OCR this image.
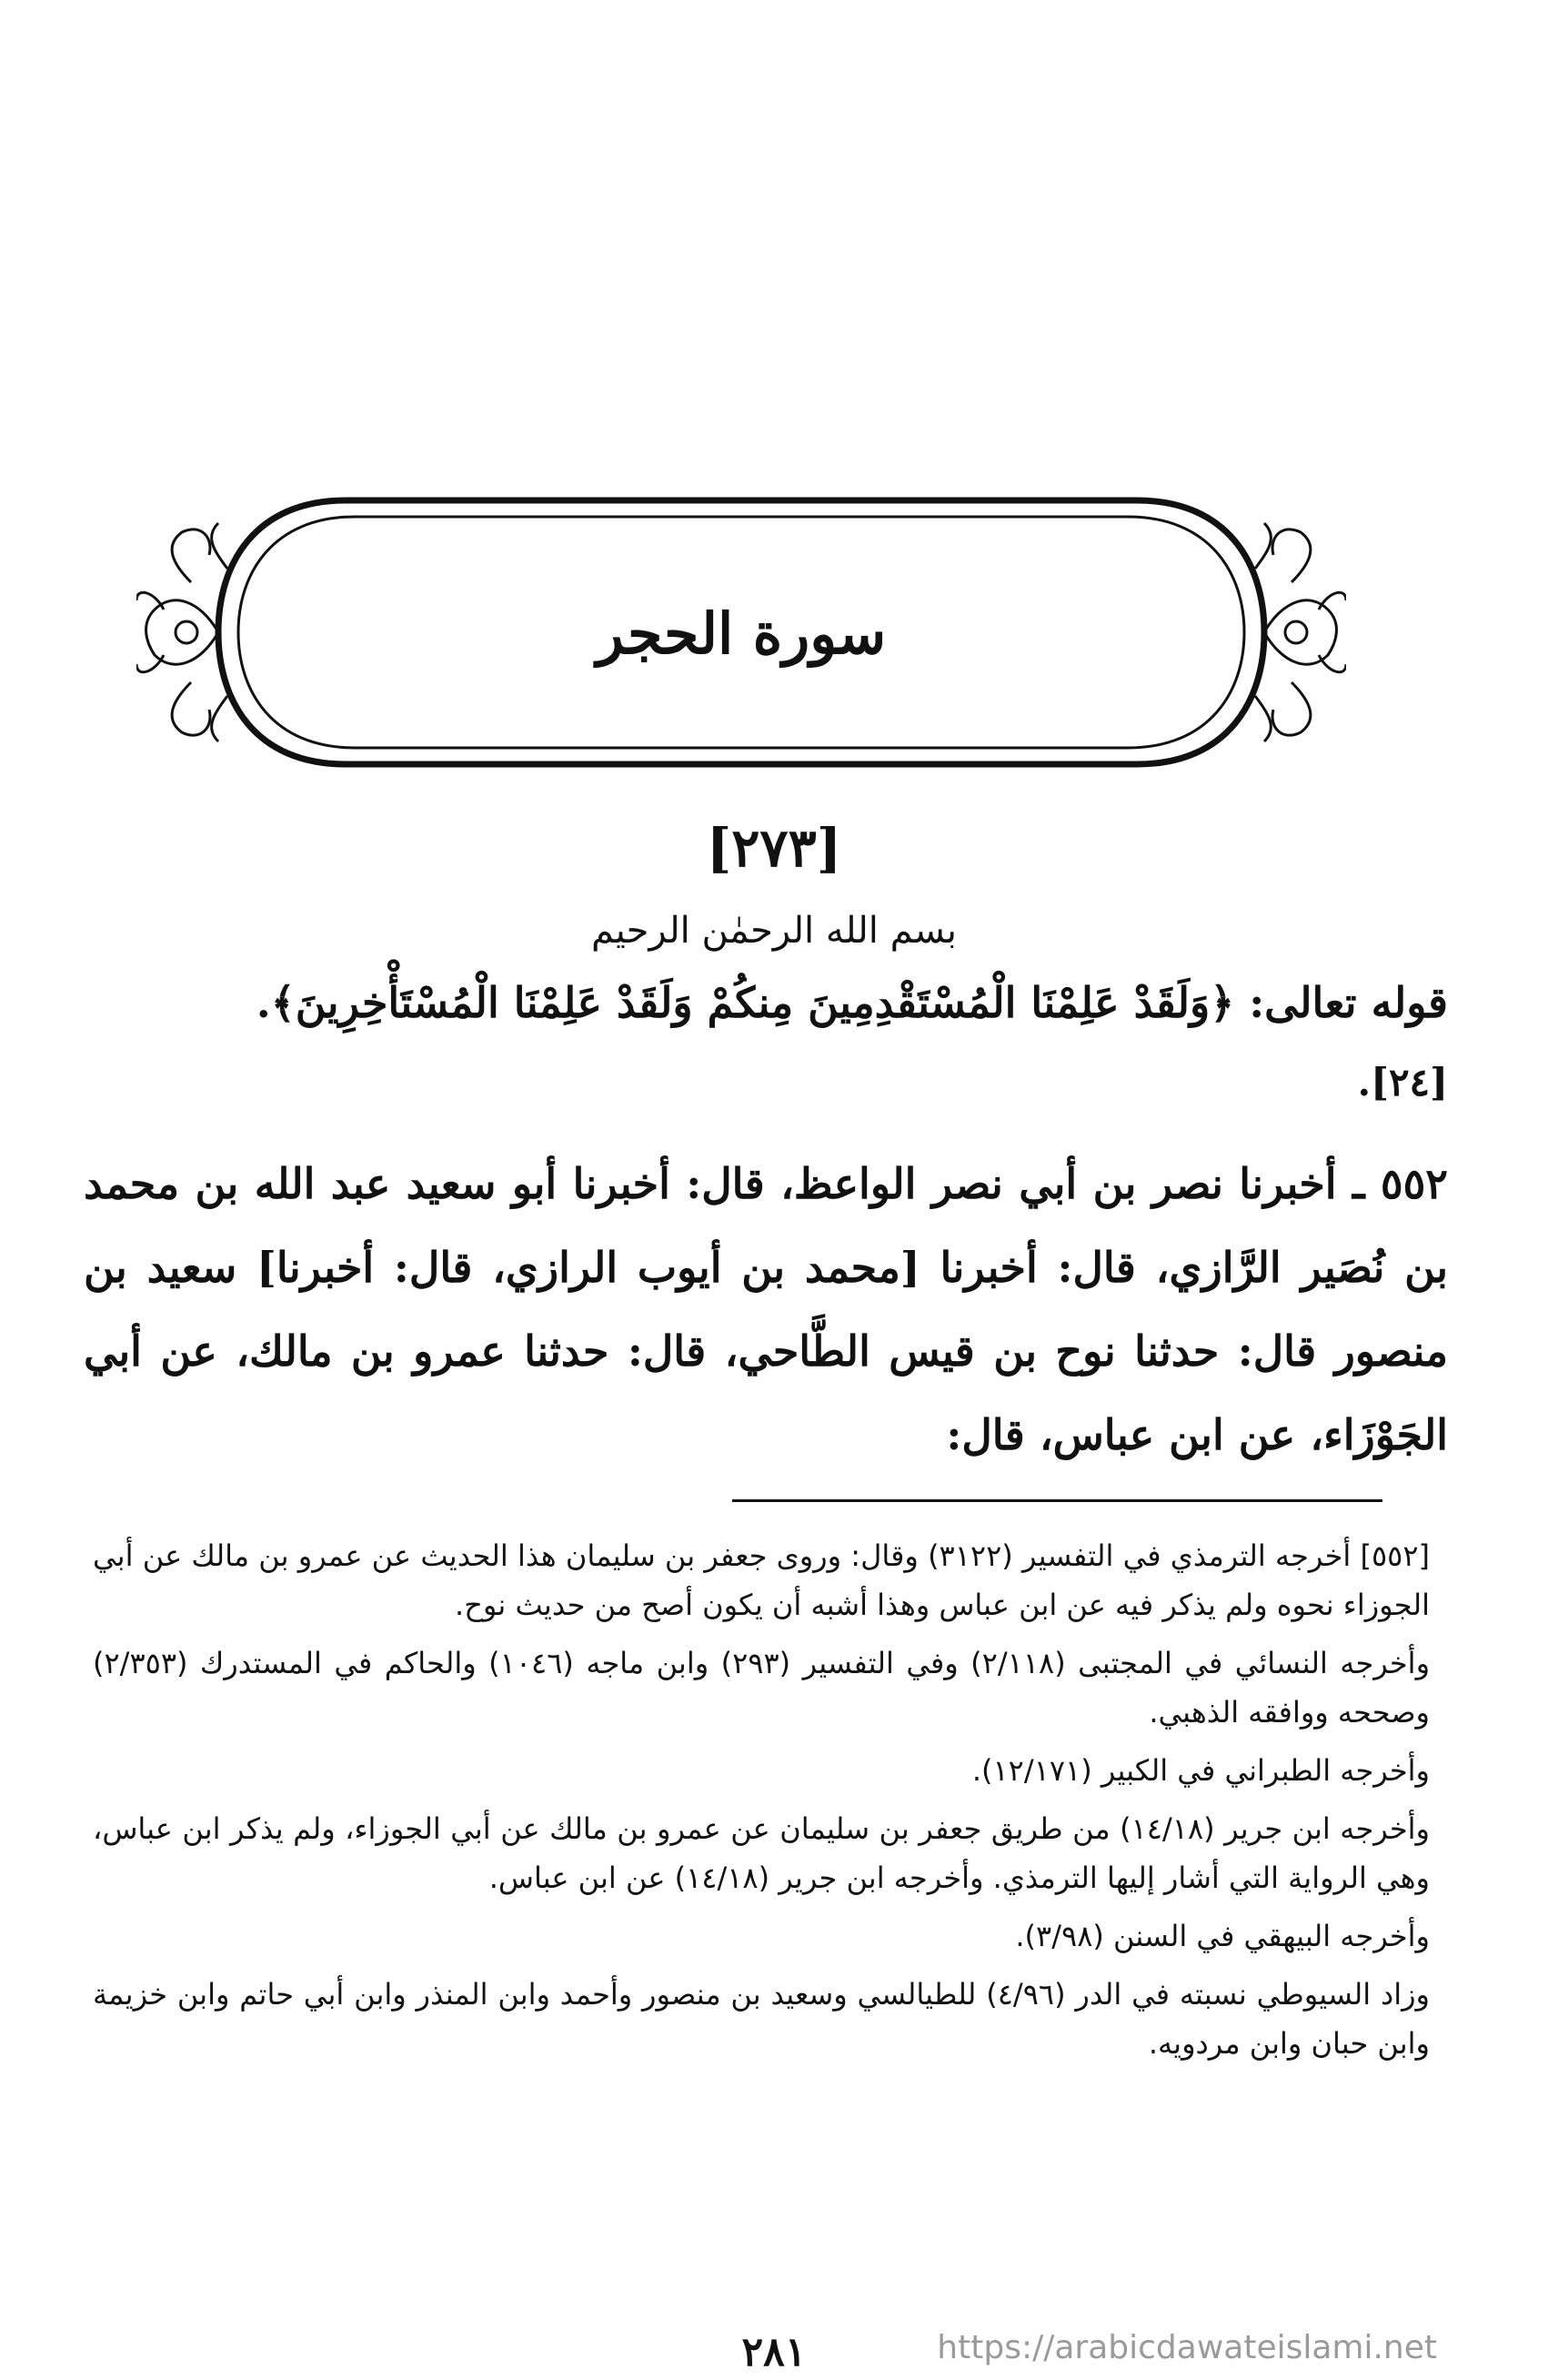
سورة الحجر
[٢٧٣]
بسم الله الرحمٰن الرحيم
قوله تعالى: ﴿وَلَقَدْ عَلِمْنَا الْمُسْتَقْدِمِينَ مِنكُمْ وَلَقَدْ عَلِمْنَا الْمُسْتَأْخِرِينَ﴾.
[٢٤].

٥٥٢ ـ أخبرنا نصر بن أبي نصر الواعظ، قال: أخبرنا أبو سعيد عبد الله بن محمد بن نُصَير الرَّازي، قال: أخبرنا [محمد بن أيوب الرازي، قال: أخبرنا] سعيد بن منصور قال: حدثنا نوح بن قيس الطَّاحي، قال: حدثنا عمرو بن مالك، عن أبي الجَوْزَاء، عن ابن عباس، قال:

[٥٥٢] أخرجه الترمذي في التفسير (٣١٢٢) وقال: وروى جعفر بن سليمان هذا الحديث عن عمرو بن مالك عن أبي الجوزاء نحوه ولم يذكر فيه عن ابن عباس وهذا أشبه أن يكون أصح من حديث نوح.

وأخرجه النسائي في المجتبى (٢/١١٨) وفي التفسير (٢٩٣) وابن ماجه (١٠٤٦) والحاكم في المستدرك (٢/٣٥٣) وصححه ووافقه الذهبي.

وأخرجه الطبراني في الكبير (١٢/١٧١).

وأخرجه ابن جرير (١٤/١٨) من طريق جعفر بن سليمان عن عمرو بن مالك عن أبي الجوزاء، ولم يذكر ابن عباس، وهي الرواية التي أشار إليها الترمذي. وأخرجه ابن جرير (١٤/١٨) عن ابن عباس.

وأخرجه البيهقي في السنن (٣/٩٨).

وزاد السيوطي نسبته في الدر (٤/٩٦) للطيالسي وسعيد بن منصور وأحمد وابن المنذر وابن أبي حاتم وابن خزيمة وابن حبان وابن مردويه.

٢٨١	https://arabicdawateislami.net
